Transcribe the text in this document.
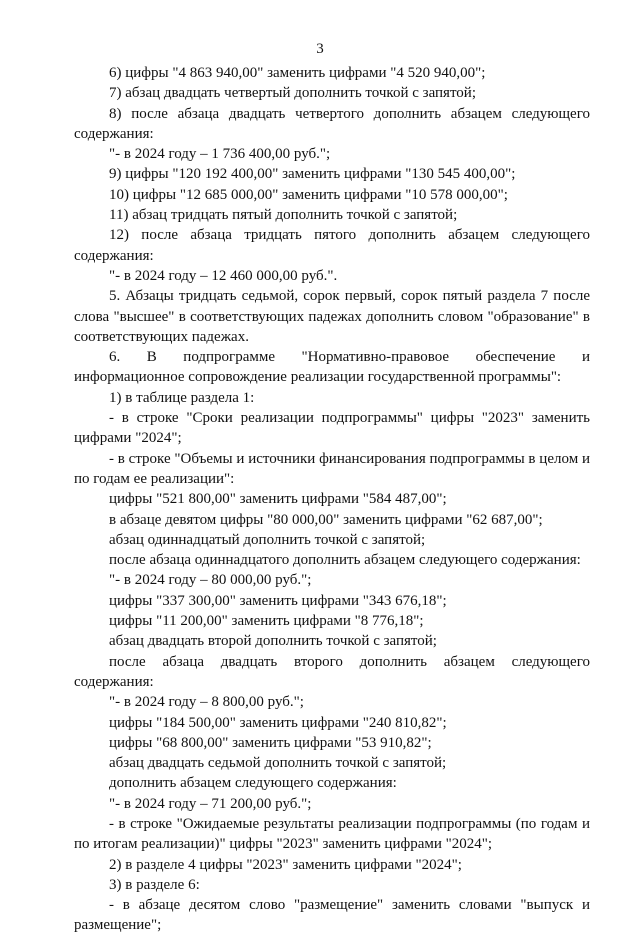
3

6) цифры "4 863 940,00" заменить цифрами "4 520 940,00";

7) абзац двадцать четвертый дополнить точкой с запятой;

8) после абзаца двадцать четвертого дополнить абзацем следующего содержания:

"- в 2024 году – 1 736 400,00 руб.";

9) цифры "120 192 400,00" заменить цифрами "130 545 400,00";

10) цифры "12 685 000,00" заменить цифрами "10 578 000,00";

11) абзац тридцать пятый дополнить точкой с запятой;

12) после абзаца тридцать пятого дополнить абзацем следующего содержания:

"- в 2024 году – 12 460 000,00 руб.".

5. Абзацы тридцать седьмой, сорок первый, сорок пятый раздела 7 после слова "высшее" в соответствующих падежах дополнить словом "образование" в соответствующих падежах.

6. В подпрограмме "Нормативно-правовое обеспечение и информационное сопровождение реализации государственной программы":

1) в таблице раздела 1:

- в строке "Сроки реализации подпрограммы" цифры "2023" заменить цифрами "2024";

- в строке "Объемы и источники финансирования подпрограммы в целом и по годам ее реализации":

цифры "521 800,00" заменить цифрами "584 487,00";

в абзаце девятом цифры "80 000,00" заменить цифрами "62 687,00";

абзац одиннадцатый дополнить точкой с запятой;

после абзаца одиннадцатого дополнить абзацем следующего содержания:

"- в 2024 году – 80 000,00 руб.";

цифры "337 300,00" заменить цифрами "343 676,18";

цифры "11 200,00" заменить цифрами "8 776,18";

абзац двадцать второй дополнить точкой с запятой;

после абзаца двадцать второго дополнить абзацем следующего содержания:

"- в 2024 году – 8 800,00 руб.";

цифры "184 500,00" заменить цифрами "240 810,82";

цифры "68 800,00" заменить цифрами "53 910,82";

абзац двадцать седьмой дополнить точкой с запятой;

дополнить абзацем следующего содержания:

"- в 2024 году – 71 200,00 руб.";

- в строке "Ожидаемые результаты реализации подпрограммы (по годам и по итогам реализации)" цифры "2023" заменить цифрами "2024";

2) в разделе 4 цифры "2023" заменить цифрами "2024";

3) в разделе 6:

- в абзаце десятом слово "размещение" заменить словами "выпуск и размещение";
